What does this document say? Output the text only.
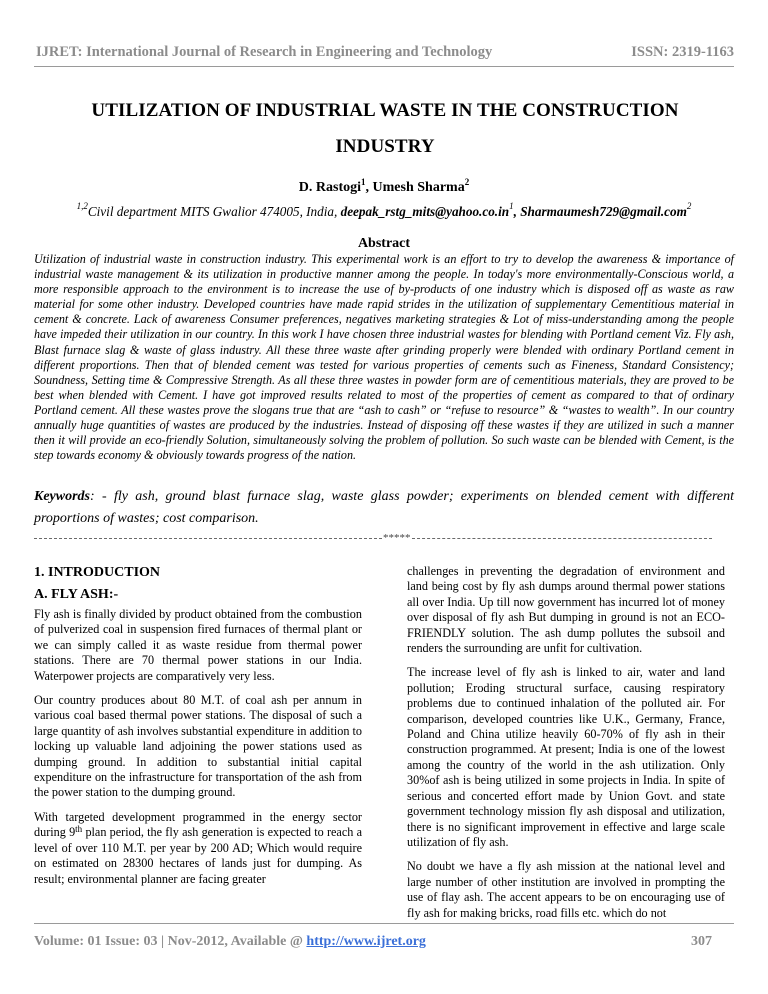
IJRET: International Journal of Research in Engineering and Technology	ISSN: 2319-1163
UTILIZATION OF INDUSTRIAL WASTE IN THE CONSTRUCTION
INDUSTRY
D. Rastogi$^1$, Umesh Sharma$^2$
$^{1,2}$Civil department MITS Gwalior 474005, India, $deepak\_rstg\_mits@yahoo.co.in^1$, Sharmaumesh729@gmail.com$^2$
Abstract
Utilization of industrial waste in construction industry. This experimental work is an effort to try to develop the awareness & importance of industrial waste management & its utilization in productive manner among the people. In today's more environmentally-Conscious world, a more responsible approach to the environment is to increase the use of by-products of one industry which is disposed off as waste as raw material for some other industry. Developed countries have made rapid strides in the utilization of supplementary Cementitious material in cement & concrete. Lack of awareness Consumer preferences, negatives marketing strategies & Lot of miss-understanding among the people have impeded their utilization in our country. In this work I have chosen three industrial wastes for blending with Portland cement Viz. Fly ash, Blast furnace slag & waste of glass industry. All these three waste after grinding properly were blended with ordinary Portland cement in different proportions. Then that of blended cement was tested for various properties of cements such as Fineness, Standard Consistency; Soundness, Setting time & Compressive Strength. As all these three wastes in powder form are of cementitious materials, they are proved to be best when blended with Cement. I have got improved results related to most of the properties of cement as compared to that of ordinary Portland cement. All these wastes prove the slogans true that are “ash to cash” or “refuse to resource” & “wastes to wealth”. In our country annually huge quantities of wastes are produced by the industries. Instead of disposing off these wastes if they are utilized in such a manner then it will provide an eco-friendly Solution, simultaneously solving the problem of pollution. So such waste can be blended with Cement, is the step towards economy & obviously towards progress of the nation.
Keywords: - fly ash, ground blast furnace slag, waste glass powder; experiments on blended cement with different proportions of wastes; cost comparison.
*****
1. INTRODUCTION
A. FLY ASH:-

Fly ash is finally divided by product obtained from the combustion of pulverized coal in suspension fired furnaces of thermal plant or we can simply called it as waste residue from thermal power stations. There are 70 thermal power stations in our India. Waterpower projects are comparatively very less.

Our country produces about 80 M.T. of coal ash per annum in various coal based thermal power stations. The disposal of such a large quantity of ash involves substantial expenditure in addition to locking up valuable land adjoining the power stations used as dumping ground. In addition to substantial initial capital expenditure on the infrastructure for transportation of the ash from the power station to the dumping ground.

With targeted development programmed in the energy sector during 9th plan period, the fly ash generation is expected to reach a level of over 110 M.T. per year by 200 AD; Which would require on estimated on 28300 hectares of lands just for dumping. As result; environmental planner are facing greater

challenges in preventing the degradation of environment and land being cost by fly ash dumps around thermal power stations all over India. Up till now government has incurred lot of money over disposal of fly ash But dumping in ground is not an ECO-FRIENDLY solution. The ash dump pollutes the subsoil and renders the surrounding are unfit for cultivation.

The increase level of fly ash is linked to air, water and land pollution; Eroding structural surface, causing respiratory problems due to continued inhalation of the polluted air. For comparison, developed countries like U.K., Germany, France, Poland and China utilize heavily 60-70% of fly ash in their construction programmed. At present; India is one of the lowest among the country of the world in the ash utilization. Only 30%of ash is being utilized in some projects in India. In spite of serious and concerted effort made by Union Govt. and state government technology mission fly ash disposal and utilization, there is no significant improvement in effective and large scale utilization of fly ash.

No doubt we have a fly ash mission at the national level and large number of other institution are involved in prompting the use of flay ash. The accent appears to be on encouraging use of fly ash for making bricks, road fills etc. which do not

Volume: 01 Issue: 03 | Nov-2012, Available @ http://www.ijret.org	307
